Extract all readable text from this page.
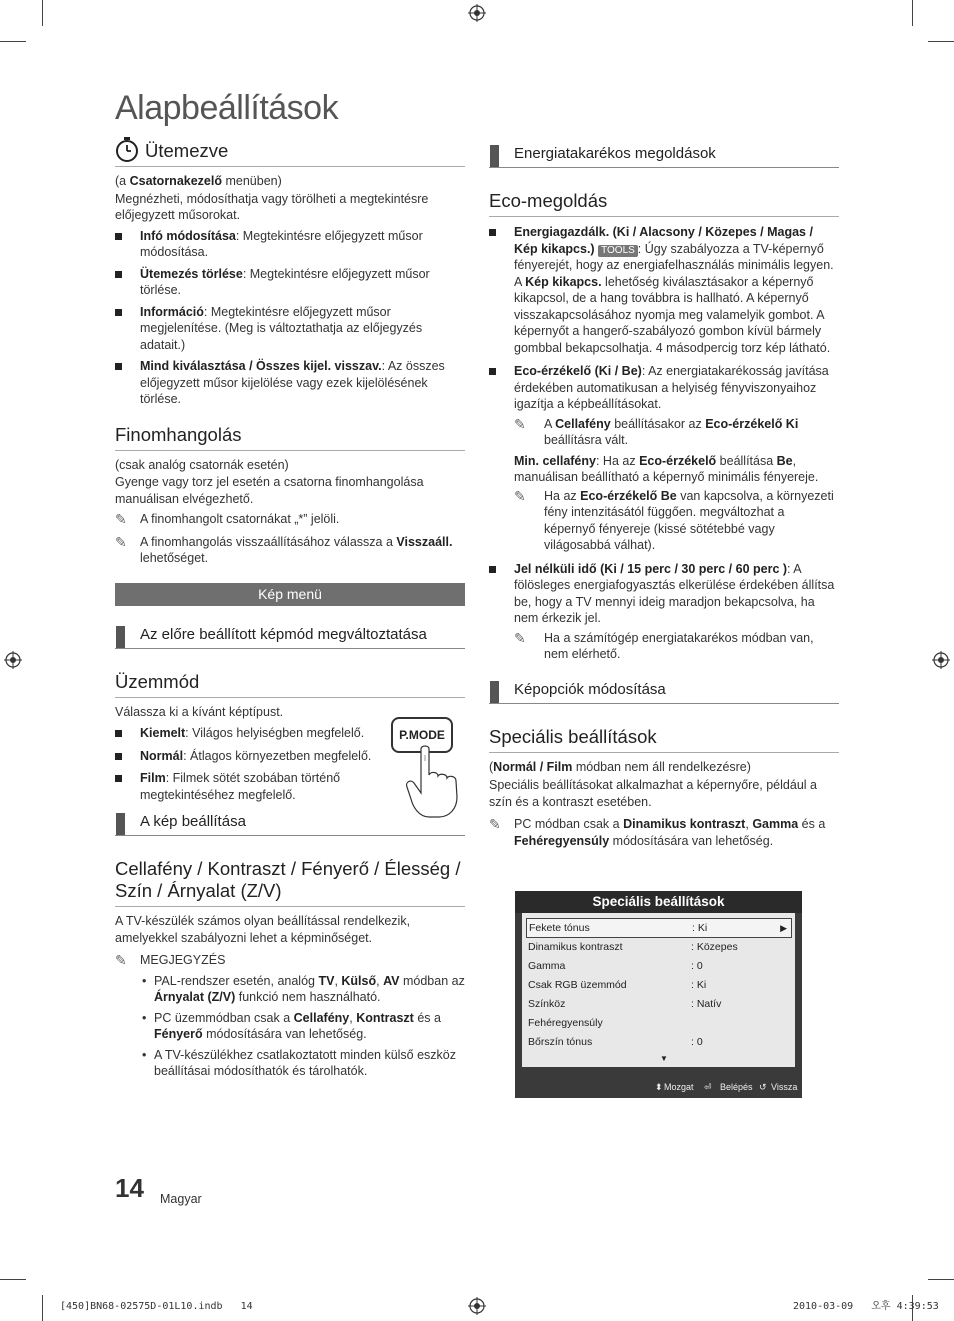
Alapbeállítások
Ütemezve

(a Csatornakezelő menüben)

Megnézheti, módosíthatja vagy törölheti a megtekintésre előjegyzett műsorokat.

Infó módosítása: Megtekintésre előjegyzett műsor módosítása.
Ütemezés törlése: Megtekintésre előjegyzett műsor törlése.
Információ: Megtekintésre előjegyzett műsor megjelenítése. (Meg is változtathatja az előjegyzés adatait.)
Mind kiválasztása / Összes kijel. visszav.: Az összes előjegyzett műsor kijelölése vagy ezek kijelölésének törlése.
Finomhangolás

(csak analóg csatornák esetén)

Gyenge vagy torz jel esetén a csatorna finomhangolása manuálisan elvégezhető.

✎ A finomhangolt csatornákat „*” jelöli.
✎ A finomhangolás visszaállításához válassza a Visszaáll. lehetőséget.
Kép menü
Az előre beállított képmód megváltoztatása
Üzemmód

Válassza ki a kívánt képtípust.

Kiemelt: Világos helyiségben megfelelő.
Normál: Átlagos környezetben megfelelő.
Film: Filmek sötét szobában történő megtekintéséhez megfelelő.
A kép beállítása
Cellafény / Kontraszt / Fényerő / Élesség / Szín / Árnyalat (Z/V)

A TV-készülék számos olyan beállítással rendelkezik, amelyekkel szabályozni lehet a képminőséget.

✎ MEGJEGYZÉS
• PAL-rendszer esetén, analóg TV, Külső, AV módban az Árnyalat (Z/V) funkció nem használható.
• PC üzemmódban csak a Cellafény, Kontraszt és a Fényerő módosítására van lehetőség.
• A TV-készülékhez csatlakoztatott minden külső eszköz beállításai módosíthatók és tárolhatók.
P.MODE
Energiatakarékos megoldások
Eco-megoldás
Energiagazdálk. (Ki / Alacsony / Közepes / Magas / Kép kikapcs.) TOOLS : Úgy szabályozza a TV-képernyő fényerejét, hogy az energiafelhasználás minimális legyen. A Kép kikapcs. lehetőség kiválasztásakor a képernyő kikapcsol, de a hang továbbra is hallható. A képernyő visszakapcsolásához nyomja meg valamelyik gombot. A képernyőt a hangerő-szabályozó gombon kívül bármely gombbal bekapcsolhatja. 4 másodpercig torz kép látható.
Eco-érzékelő (Ki / Be): Az energiatakarékosság javítása érdekében automatikusan a helyiség fényviszonyaihoz igazítja a képbeállításokat.
✎ A Cellafény beállításakor az Eco-érzékelő Ki beállításra vált.

Min. cellafény: Ha az Eco-érzékelő beállítása Be, manuálisan beállítható a képernyő minimális fényereje.

✎ Ha az Eco-érzékelő Be van kapcsolva, a környezeti fény intenzitásától függően. megváltozhat a képernyő fényereje (kissé sötétebbé vagy világosabbá válhat).
Jel nélküli idő (Ki / 15 perc / 30 perc / 60 perc ): A fölösleges energiafogyasztás elkerülése érdekében állítsa be, hogy a TV mennyi ideig maradjon bekapcsolva, ha nem érkezik jel.
✎ Ha a számítógép energiatakarékos módban van, nem elérhető.
Képopciók módosítása
Speciális beállítások

(Normál / Film módban nem áll rendelkezésre)

Speciális beállításokat alkalmazhat a képernyőre, például a szín és a kontraszt esetében.

✎ PC módban csak a Dinamikus kontraszt, Gamma és a Fehéregyensúly módosítására van lehetőség.
Speciális beállítások
Fekete tónus	: Ki	▶
Dinamikus kontraszt	: Közepes
Gamma	: 0
Csak RGB üzemmód	: Ki
Színköz	: Natív
Fehéregyensúly
Bőrszín tónus	: 0
▼
⬍ Mozgat ⏎ Belépés ↺ Vissza
14 Magyar
[450]BN68-02575D-01L10.indb   14	2010-03-09   오후 4:39:53
